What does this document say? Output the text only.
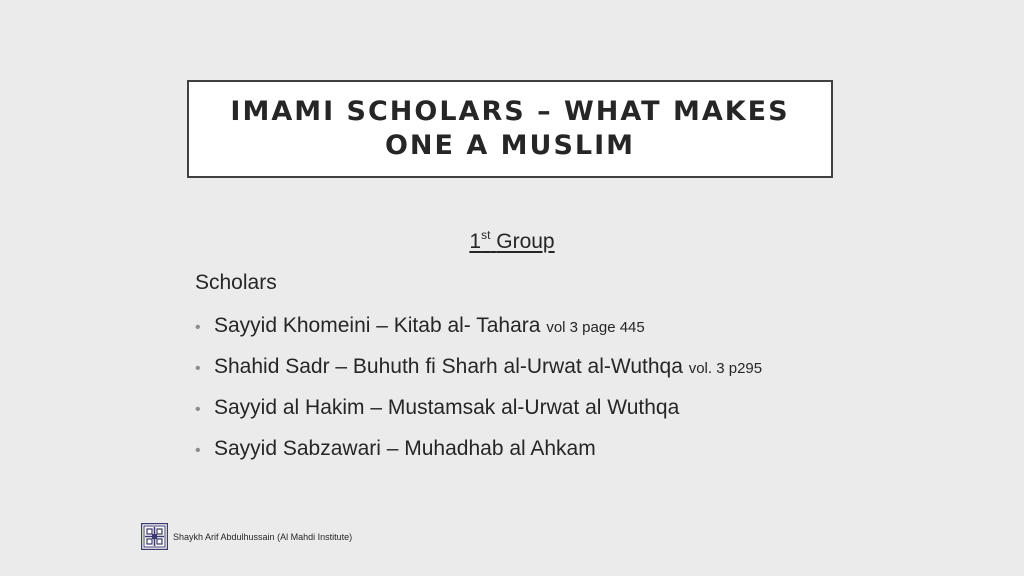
IMAMI SCHOLARS – WHAT MAKES ONE A MUSLIM
1st Group
Scholars
• Sayyid Khomeini – Kitab al- Tahara
vol 3 page 445
• Shahid Sadr – Buhuth fi Sharh al-Urwat al-Wuthqa
vol. 3 p295
• Sayyid al Hakim – Mustamsak al-Urwat al Wuthqa
• Sayyid Sabzawari – Muhadhab al Ahkam
Shaykh Arif Abdulhussain (Al Mahdi Institute)
